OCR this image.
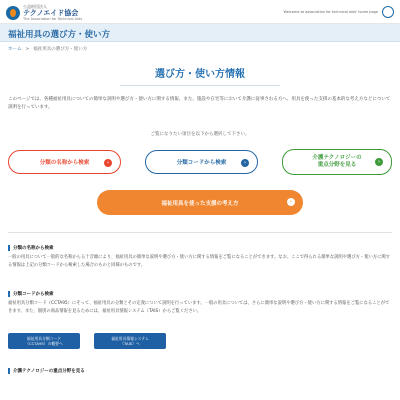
公益財団法人
テクノエイド協会
The Association for Technical Aids
Welcome to association for technical aids' home page
福祉用具の選び方・使い方
ホーム > 福祉用具の選び方・使い方
選び方・使い方情報

このページでは、各種福祉用具についての簡単な説明や選び方・使い方に関する情報、また、施設や在宅等において介護に従事される方へ、用具を使った支援の基本的な考え方などについて説明を行っています。

ご覧になりたい項目を以下から選択して下さい。

分類の名称から検索	›	分類コードから検索	›
介護テクノロジーの
重点分野を見る	›
福祉用具を使った支援の考え方	›
分類の名称から検索

一般の用具について一般的な名称から五十音順により、福祉用具の簡単な説明や選び方・使い方に関する情報をご覧になることができます。なお、ここで得られる簡単な説明や選び方・使い方に関する情報は上記の分類コードから検索した場合のものと同様のものです。

分類コードから検索

福祉用具分類コード（CCTA95）にそって、福祉用具の分類とその定義について説明を行っています。一般の用具については、さらに簡単な説明や選び方・使い方に関する情報をご覧になることができます。また、個別の商品情報を見るためには、福祉用具情報システム（TAIS）からご覧ください。

福祉用具分類コード
（CCTA95）の概要へ
福祉用具情報システム
（TAIS）へ
介護テクノロジーの重点分野を見る
